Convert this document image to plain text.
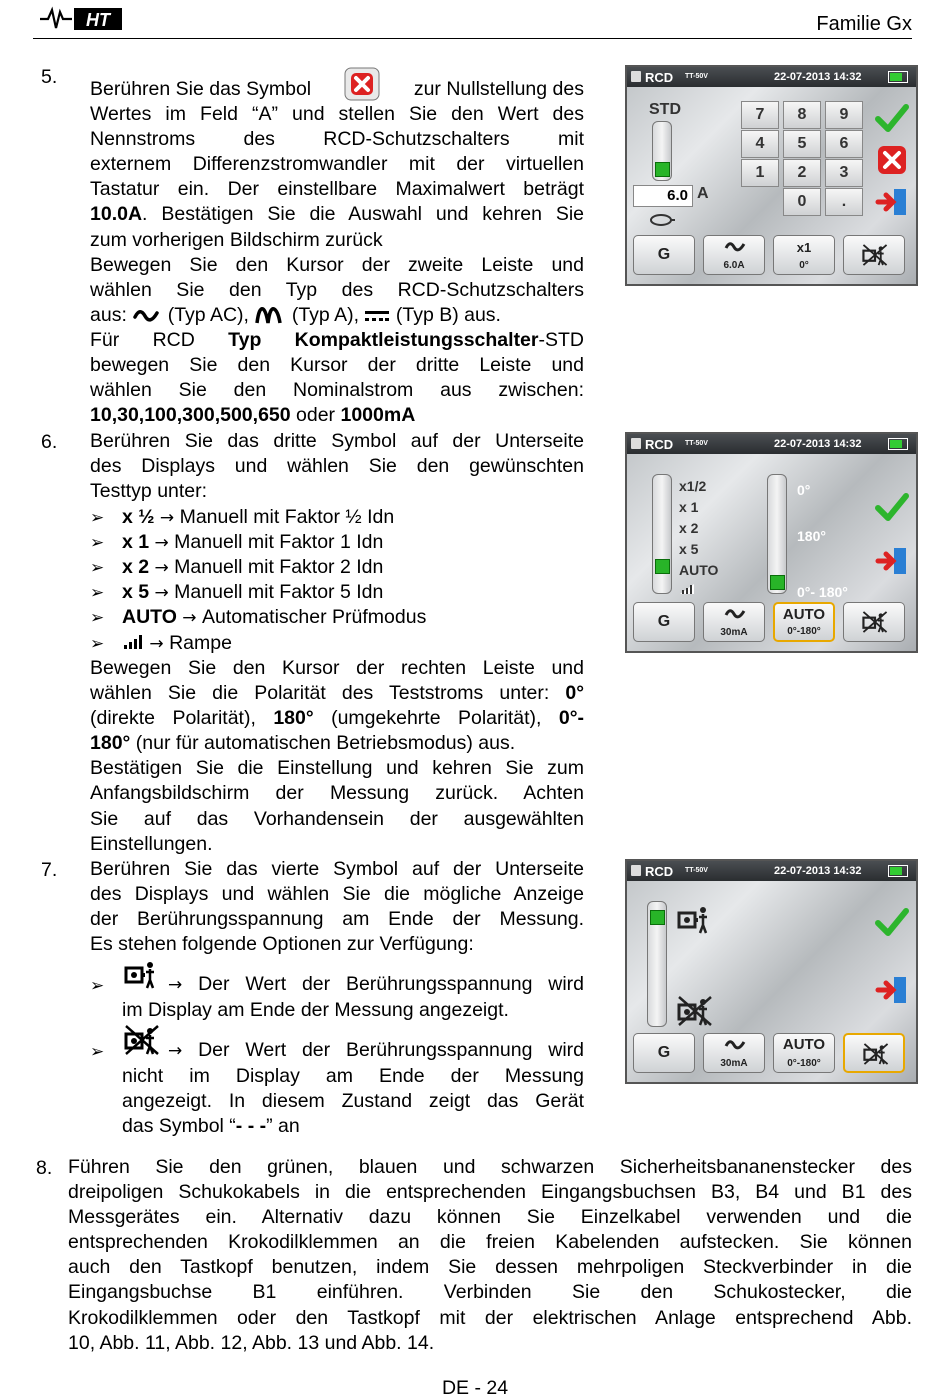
HT	Familie Gx
5.
Berühren Sie das Symbol	zur Nullstellung des
Wertes im Feld “A” und stellen Sie den Wert des
Nennstroms des RCD-Schutzschalters mit
externem Differenzstromwandler mit der virtuellen
Tastatur ein. Der einstellbare Maximalwert beträgt
10.0A. Bestätigen Sie die Auswahl und kehren Sie
zum vorherigen Bildschirm zurück
Bewegen Sie den Kursor der zweite Leiste und
wählen Sie den Typ des RCD-Schutzschalters
aus: (Typ AC), (Typ A), (Typ B) aus.
Für RCD Typ Kompaktleistungsschalter-STD
bewegen Sie den Kursor der dritte Leiste und
wählen Sie den Nominalstrom aus zwischen:
10,30,100,300,500,650 oder 1000mA
6. Berühren Sie das dritte Symbol auf der Unterseite
des Displays und wählen Sie den gewünschten
Testtyp unter:
➢ x ½ → Manuell mit Faktor ½ Idn
➢ x 1 → Manuell mit Faktor 1 Idn
➢ x 2 → Manuell mit Faktor 2 Idn
➢ x 5 → Manuell mit Faktor 5 Idn
➢ AUTO → Automatischer Prüfmodus
➢	→ Rampe
Bewegen Sie den Kursor der rechten Leiste und
wählen Sie die Polarität des Teststroms unter: 0°
(direkte Polarität), 180° (umgekehrte Polarität), 0°-
180° (nur für automatischen Betriebsmodus) aus.
Bestätigen Sie die Einstellung und kehren Sie zum
Anfangsbildschirm der Messung zurück. Achten
Sie auf das Vorhandensein der ausgewählten
Einstellungen.
7. Berühren Sie das vierte Symbol auf der Unterseite
des Displays und wählen Sie die mögliche Anzeige
der Berührungsspannung am Ende der Messung.
Es stehen folgende Optionen zur Verfügung:
➢	→ Der Wert der Berührungsspannung wird
im Display am Ende der Messung angezeigt.
➢	→ Der Wert der Berührungsspannung wird
nicht im Display am Ende der Messung
angezeigt. In diesem Zustand zeigt das Gerät
das Symbol “- - -” an
8. Führen Sie den grünen, blauen und schwarzen Sicherheitsbananenstecker des
dreipoligen Schukokabels in die entsprechenden Eingangsbuchsen B3, B4 und B1 des
Messgerätes ein. Alternativ dazu können Sie Einzelkabel verwenden und die
entsprechenden Krokodilklemmen an die freien Kabelenden aufstecken. Sie können
auch den Tastkopf benutzen, indem Sie dessen mehrpoligen Steckverbinder in die
Eingangsbuchse B1 einführen. Verbinden Sie den Schukostecker, die
Krokodilklemmen oder den Tastkopf mit der elektrischen Anlage entsprechend Abb.
10, Abb. 11, Abb. 12, Abb. 13 und Abb. 14.
DE - 24
RCD TT-50V	22-07-2013 14:32
STD
6.0 A
7	8	9
4	5	6
1	2	3
0	.
G
6.0A
x1
0°
RCD TT-50V	22-07-2013 14:32
x1/2
x 1
x 2
x 5
AUTO
0°
180°
0°- 180°
G
30mA
AUTO
0°-180°
RCD TT-50V	22-07-2013 14:32
G
30mA
AUTO
0°-180°
